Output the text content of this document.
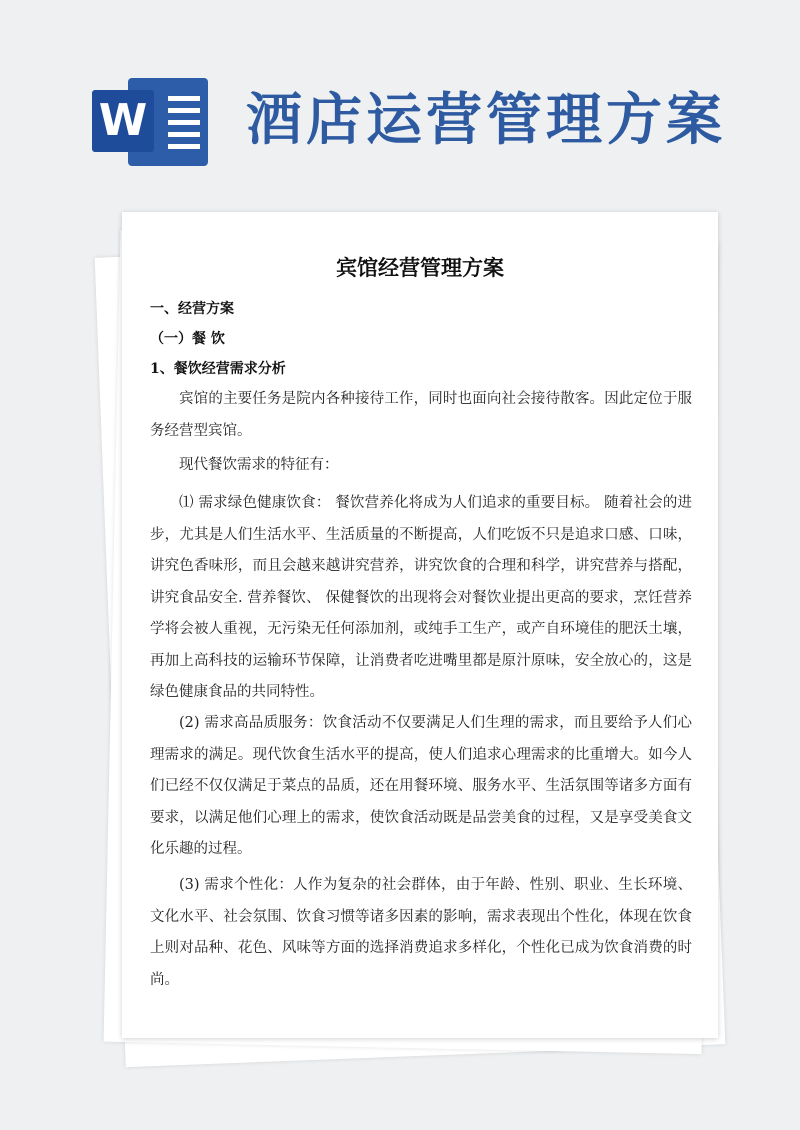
W 酒店运营管理方案
宾馆经营管理方案
一、经营方案
（一）餐 饮
1、餐饮经营需求分析
宾馆的主要任务是院内各种接待工作，同时也面向社会接待散客。因此定位于服务经营型宾馆。
现代餐饮需求的特征有：
⑴ 需求绿色健康饮食： 餐饮营养化将成为人们追求的重要目标。 随着社会的进步，尤其是人们生活水平、生活质量的不断提高，人们吃饭不只是追求口感、口味，讲究色香味形，而且会越来越讲究营养，讲究饮食的合理和科学，讲究营养与搭配，讲究食品安全. 营养餐饮、 保健餐饮的出现将会对餐饮业提出更高的要求，烹饪营养学将会被人重视，无污染无任何添加剂，或纯手工生产，或产自环境佳的肥沃土壤， 再加上高科技的运输环节保障，让消费者吃进嘴里都是原汁原味，安全放心的，这是绿色健康食品的共同特性。
(2) 需求高品质服务：饮食活动不仅要满足人们生理的需求，而且要给予人们心理需求的满足。现代饮食生活水平的提高，使人们追求心理需求的比重增大。如今人们已经不仅仅满足于菜点的品质，还在用餐环境、服务水平、生活氛围等诸多方面有要求，以满足他们心理上的需求，使饮食活动既是品尝美食的过程，又是享受美食文化乐趣的过程。
(3) 需求个性化：人作为复杂的社会群体，由于年龄、性别、职业、生长环境、文化水平、社会氛围、饮食习惯等诸多因素的影响，需求表现出个性化，体现在饮食上则对品种、花色、风味等方面的选择消费追求多样化，个性化已成为饮食消费的时尚。
